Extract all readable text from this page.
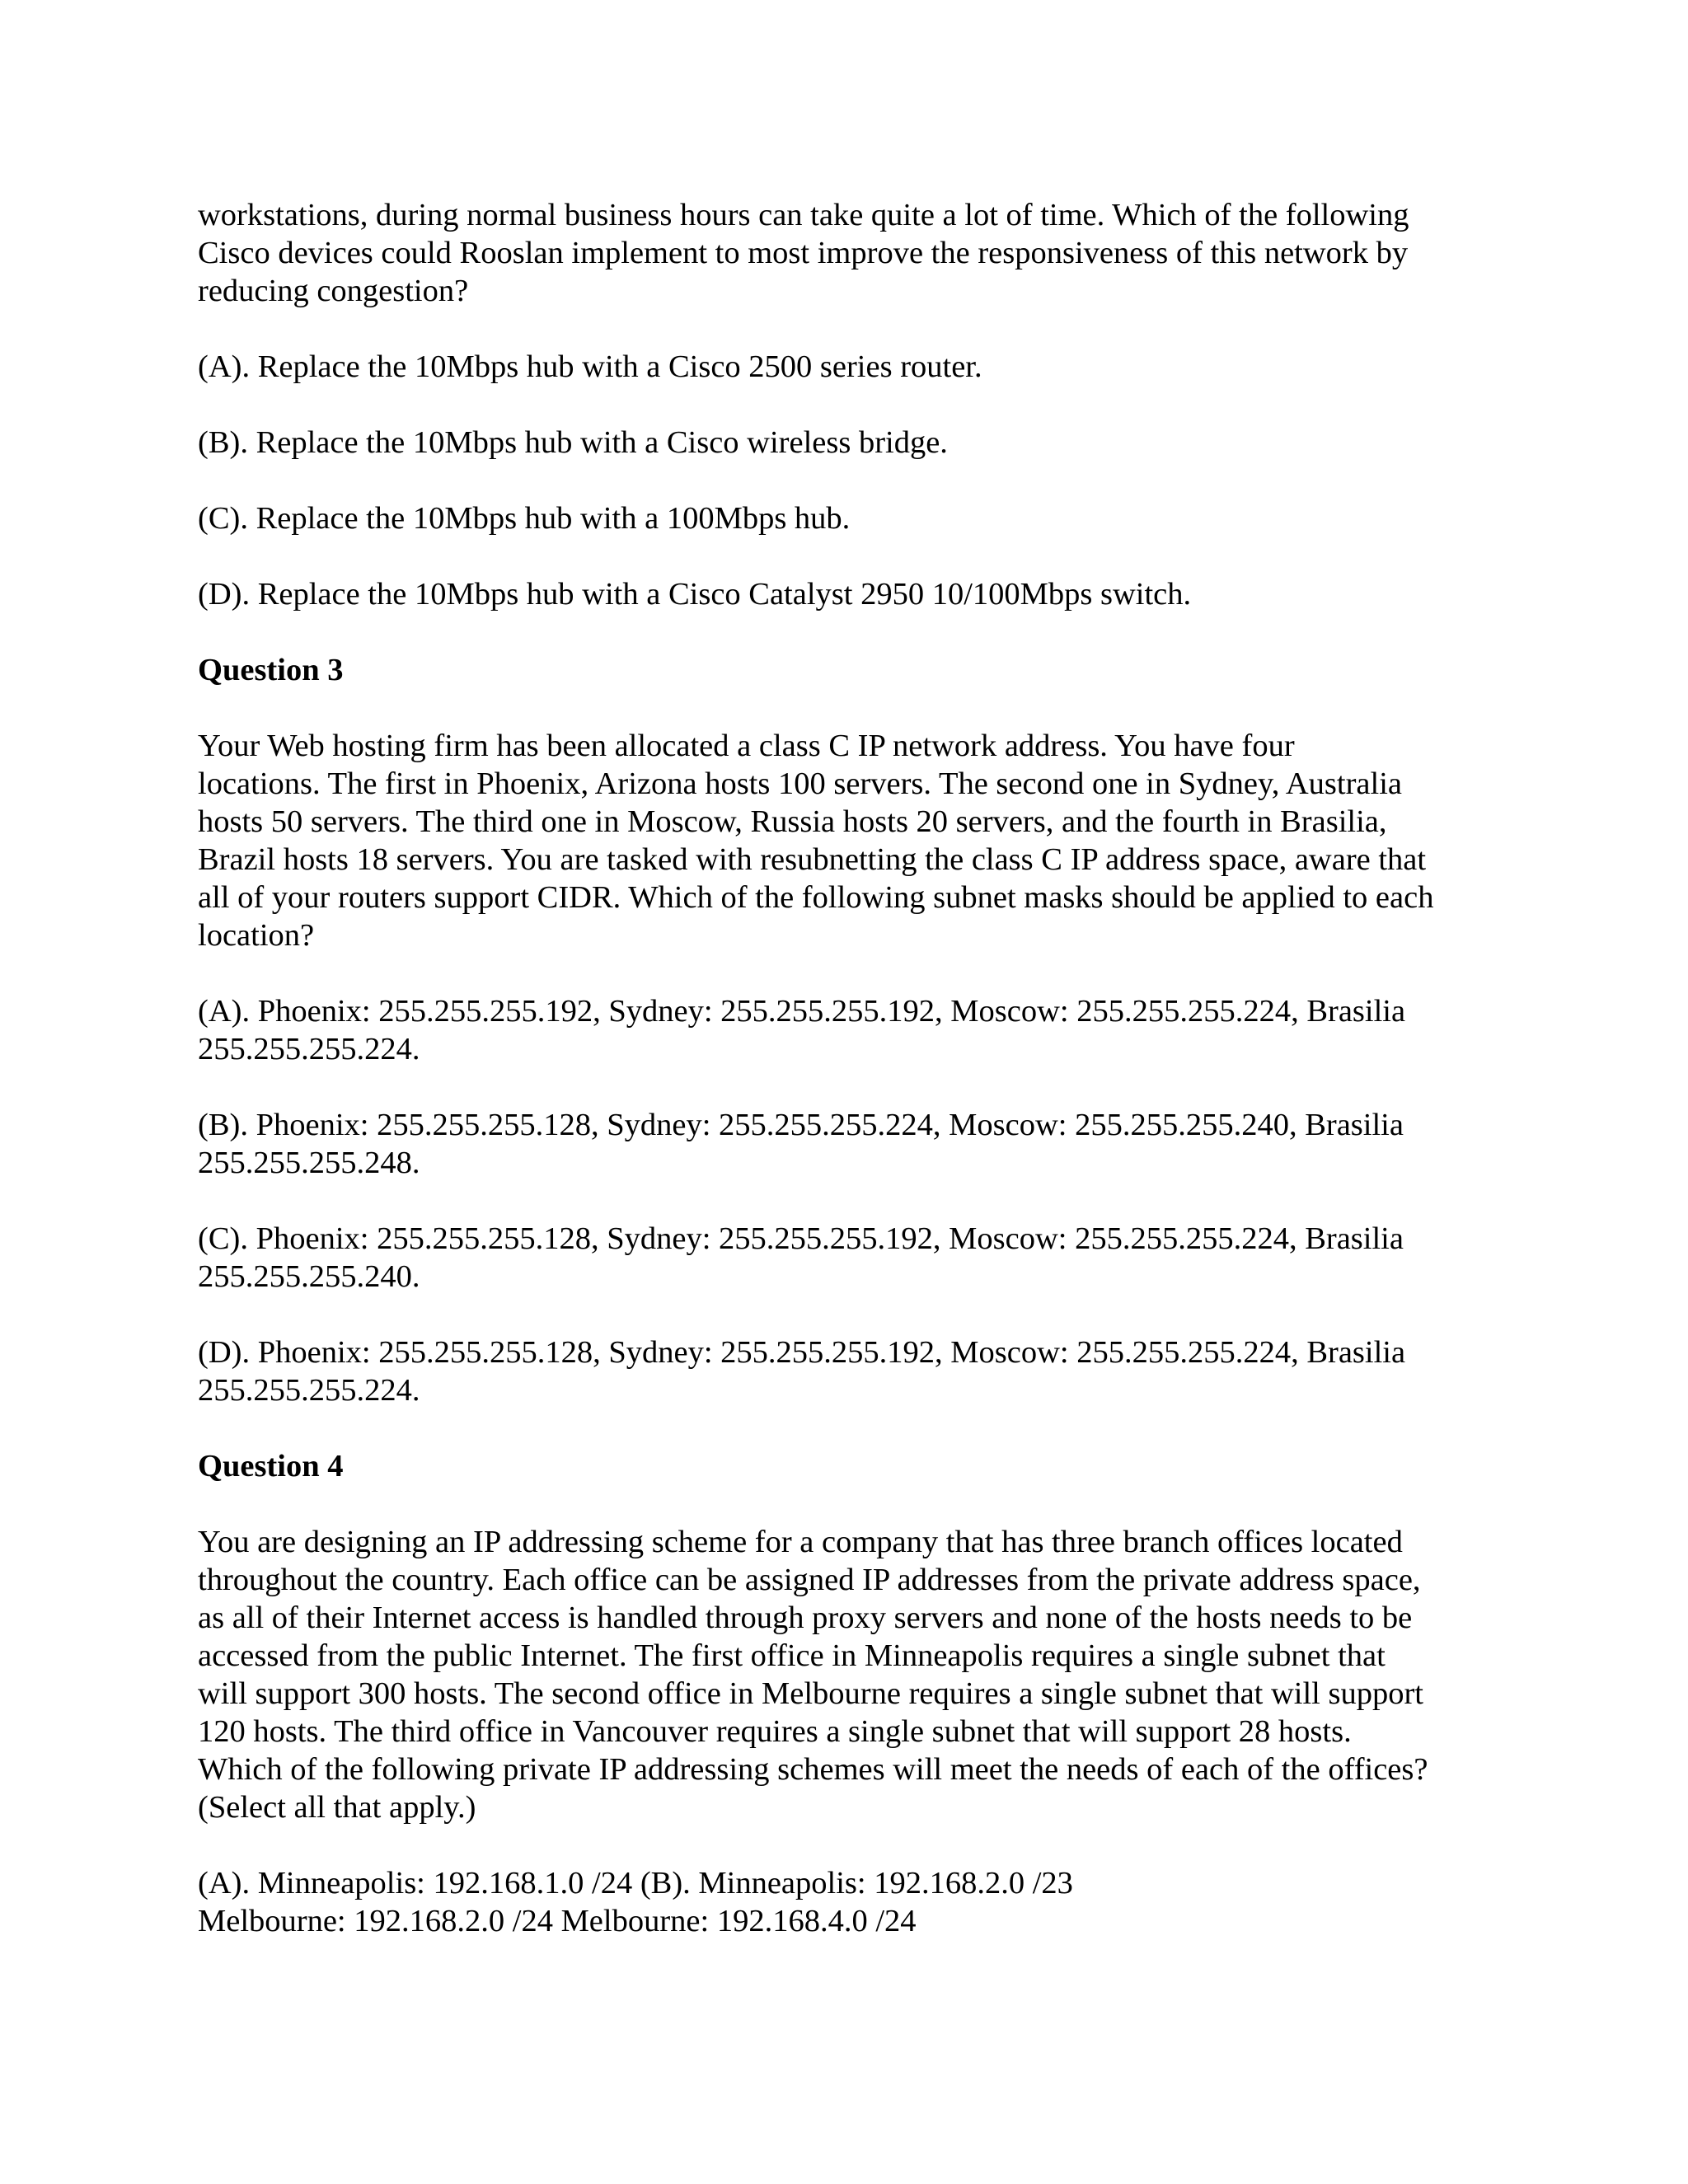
workstations, during normal business hours can take quite a lot of time. Which of the following
Cisco devices could Rooslan implement to most improve the responsiveness of this network by
reducing congestion?
(A). Replace the 10Mbps hub with a Cisco 2500 series router.
(B). Replace the 10Mbps hub with a Cisco wireless bridge.
(C). Replace the 10Mbps hub with a 100Mbps hub.
(D). Replace the 10Mbps hub with a Cisco Catalyst 2950 10/100Mbps switch.
Question 3
Your Web hosting firm has been allocated a class C IP network address. You have four
locations. The first in Phoenix, Arizona hosts 100 servers. The second one in Sydney, Australia
hosts 50 servers. The third one in Moscow, Russia hosts 20 servers, and the fourth in Brasilia,
Brazil hosts 18 servers. You are tasked with resubnetting the class C IP address space, aware that
all of your routers support CIDR. Which of the following subnet masks should be applied to each
location?
(A). Phoenix: 255.255.255.192, Sydney: 255.255.255.192, Moscow: 255.255.255.224, Brasilia
255.255.255.224.
(B). Phoenix: 255.255.255.128, Sydney: 255.255.255.224, Moscow: 255.255.255.240, Brasilia
255.255.255.248.
(C). Phoenix: 255.255.255.128, Sydney: 255.255.255.192, Moscow: 255.255.255.224, Brasilia
255.255.255.240.
(D). Phoenix: 255.255.255.128, Sydney: 255.255.255.192, Moscow: 255.255.255.224, Brasilia
255.255.255.224.
Question 4
You are designing an IP addressing scheme for a company that has three branch offices located
throughout the country. Each office can be assigned IP addresses from the private address space,
as all of their Internet access is handled through proxy servers and none of the hosts needs to be
accessed from the public Internet. The first office in Minneapolis requires a single subnet that
will support 300 hosts. The second office in Melbourne requires a single subnet that will support
120 hosts. The third office in Vancouver requires a single subnet that will support 28 hosts.
Which of the following private IP addressing schemes will meet the needs of each of the offices?
(Select all that apply.)
(A). Minneapolis: 192.168.1.0 /24 (B). Minneapolis: 192.168.2.0 /23
Melbourne: 192.168.2.0 /24 Melbourne: 192.168.4.0 /24
